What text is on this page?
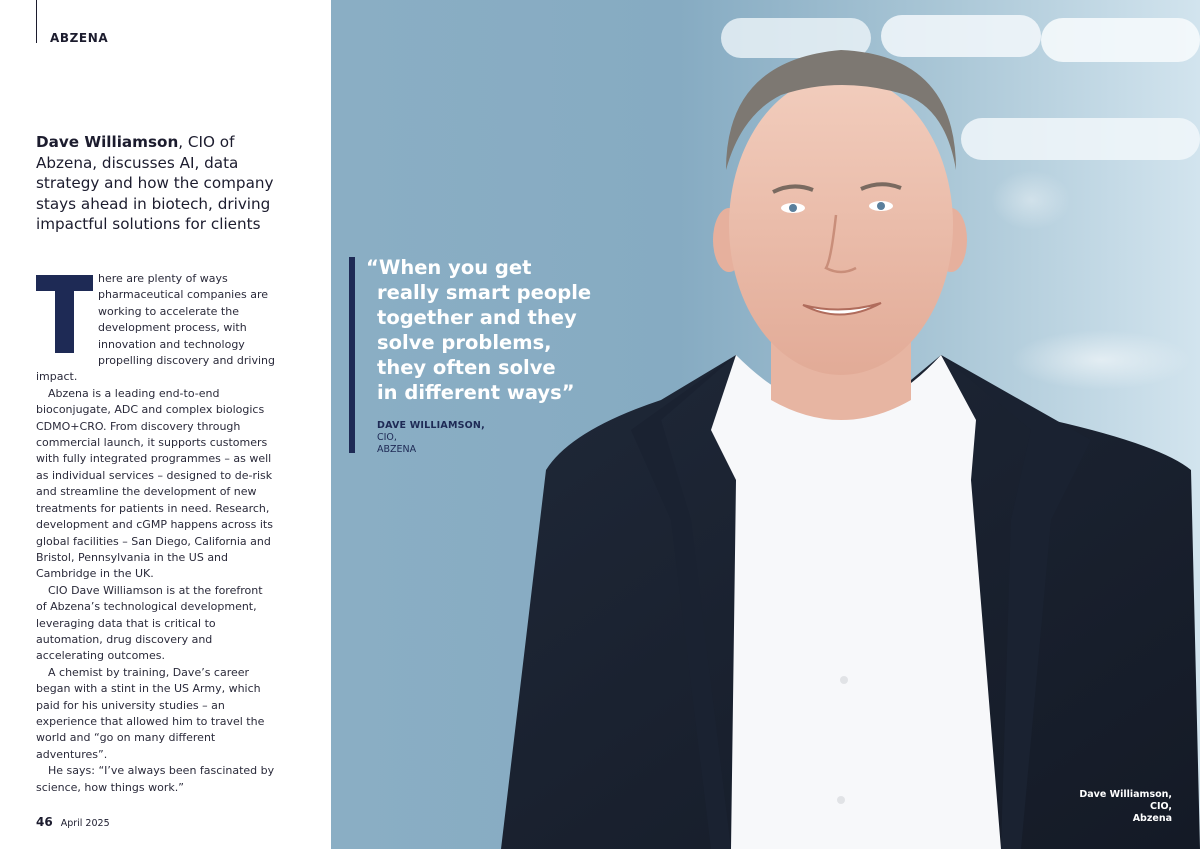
ABZENA
Dave Williamson, CIO of Abzena, discusses AI, data strategy and how the company stays ahead in biotech, driving impactful solutions for clients

here are plenty of ways pharmaceutical companies are working to accelerate the development process, with innovation and technology propelling discovery and driving impact.

Abzena is a leading end-to-end bioconjugate, ADC and complex biologics CDMO+CRO. From discovery through commercial launch, it supports customers with fully integrated programmes – as well as individual services – designed to de-risk and streamline the development of new treatments for patients in need. Research, development and cGMP happens across its global facilities – San Diego, California and Bristol, Pennsylvania in the US and Cambridge in the UK.

CIO Dave Williamson is at the forefront of Abzena’s technological development, leveraging data that is critical to automation, drug discovery and accelerating outcomes.

A chemist by training, Dave’s career began with a stint in the US Army, which paid for his university studies – an experience that allowed him to travel the world and “go on many different adventures”.

He says: “I’ve always been fascinated by science, how things work.”

46 April 2025
“When you get
really smart people
together and they
solve problems,
they often solve
in different ways”
DAVE WILLIAMSON,
CIO,
ABZENA
Dave Williamson,
CIO,
Abzena
